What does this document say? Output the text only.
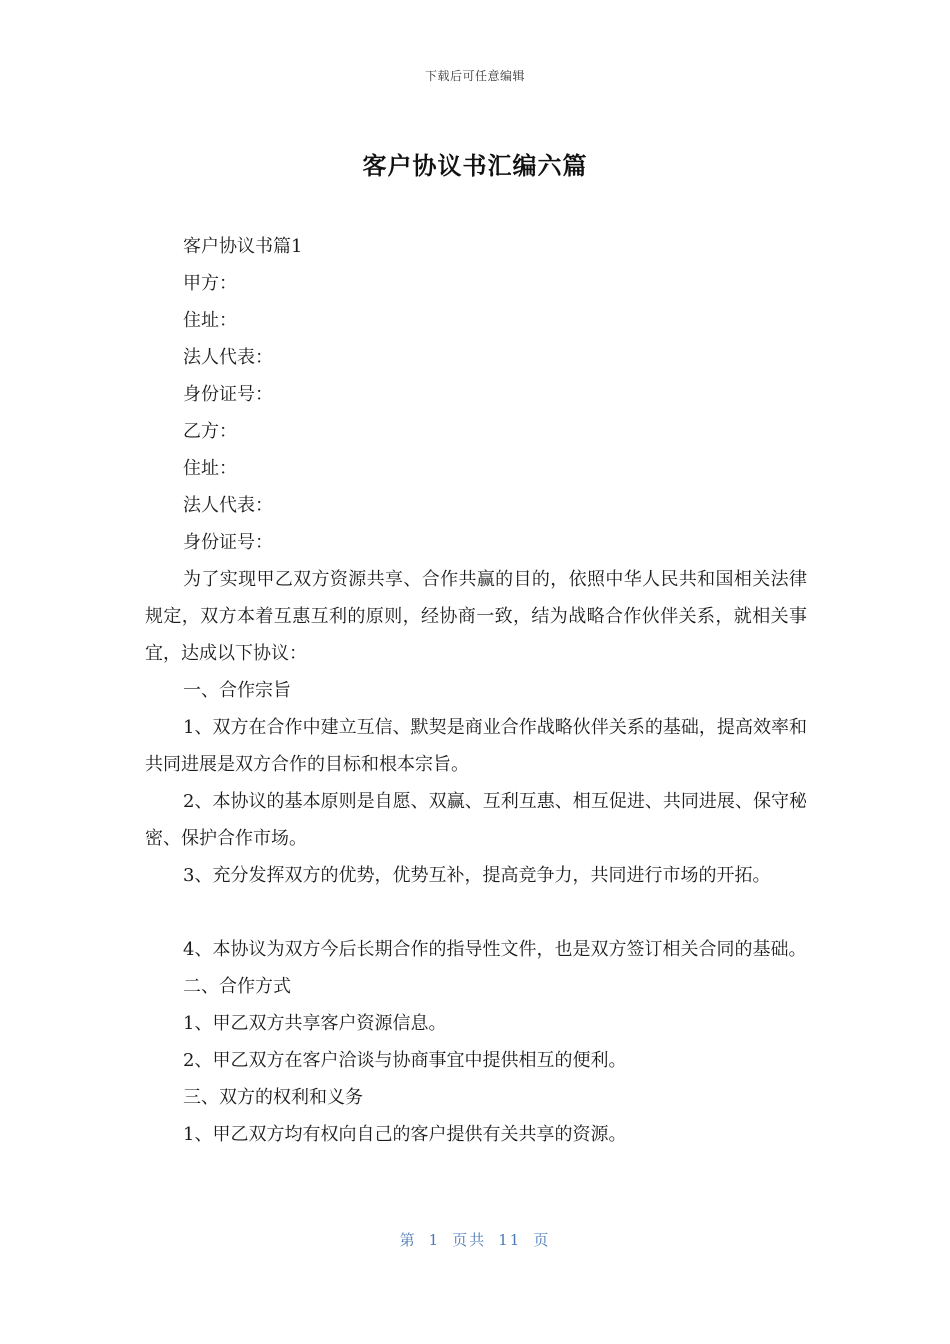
下载后可任意编辑
客户协议书汇编六篇

客户协议书篇1

甲方：

住址：

法人代表：

身份证号：

乙方：

住址：

法人代表：

身份证号：

为了实现甲乙双方资源共享、合作共赢的目的，依照中华人民共和国相关法律规定，双方本着互惠互利的原则，经协商一致，结为战略合作伙伴关系，就相关事宜，达成以下协议：

一、合作宗旨

1、双方在合作中建立互信、默契是商业合作战略伙伴关系的基础，提高效率和共同进展是双方合作的目标和根本宗旨。

2、本协议的基本原则是自愿、双赢、互利互惠、相互促进、共同进展、保守秘密、保护合作市场。

3、充分发挥双方的优势，优势互补，提高竞争力，共同进行市场的开拓。

4、本协议为双方今后长期合作的指导性文件，也是双方签订相关合同的基础。

二、合作方式

1、甲乙双方共享客户资源信息。

2、甲乙双方在客户洽谈与协商事宜中提供相互的便利。

三、双方的权利和义务

1、甲乙双方均有权向自己的客户提供有关共享的资源。

第 1 页共 11 页
